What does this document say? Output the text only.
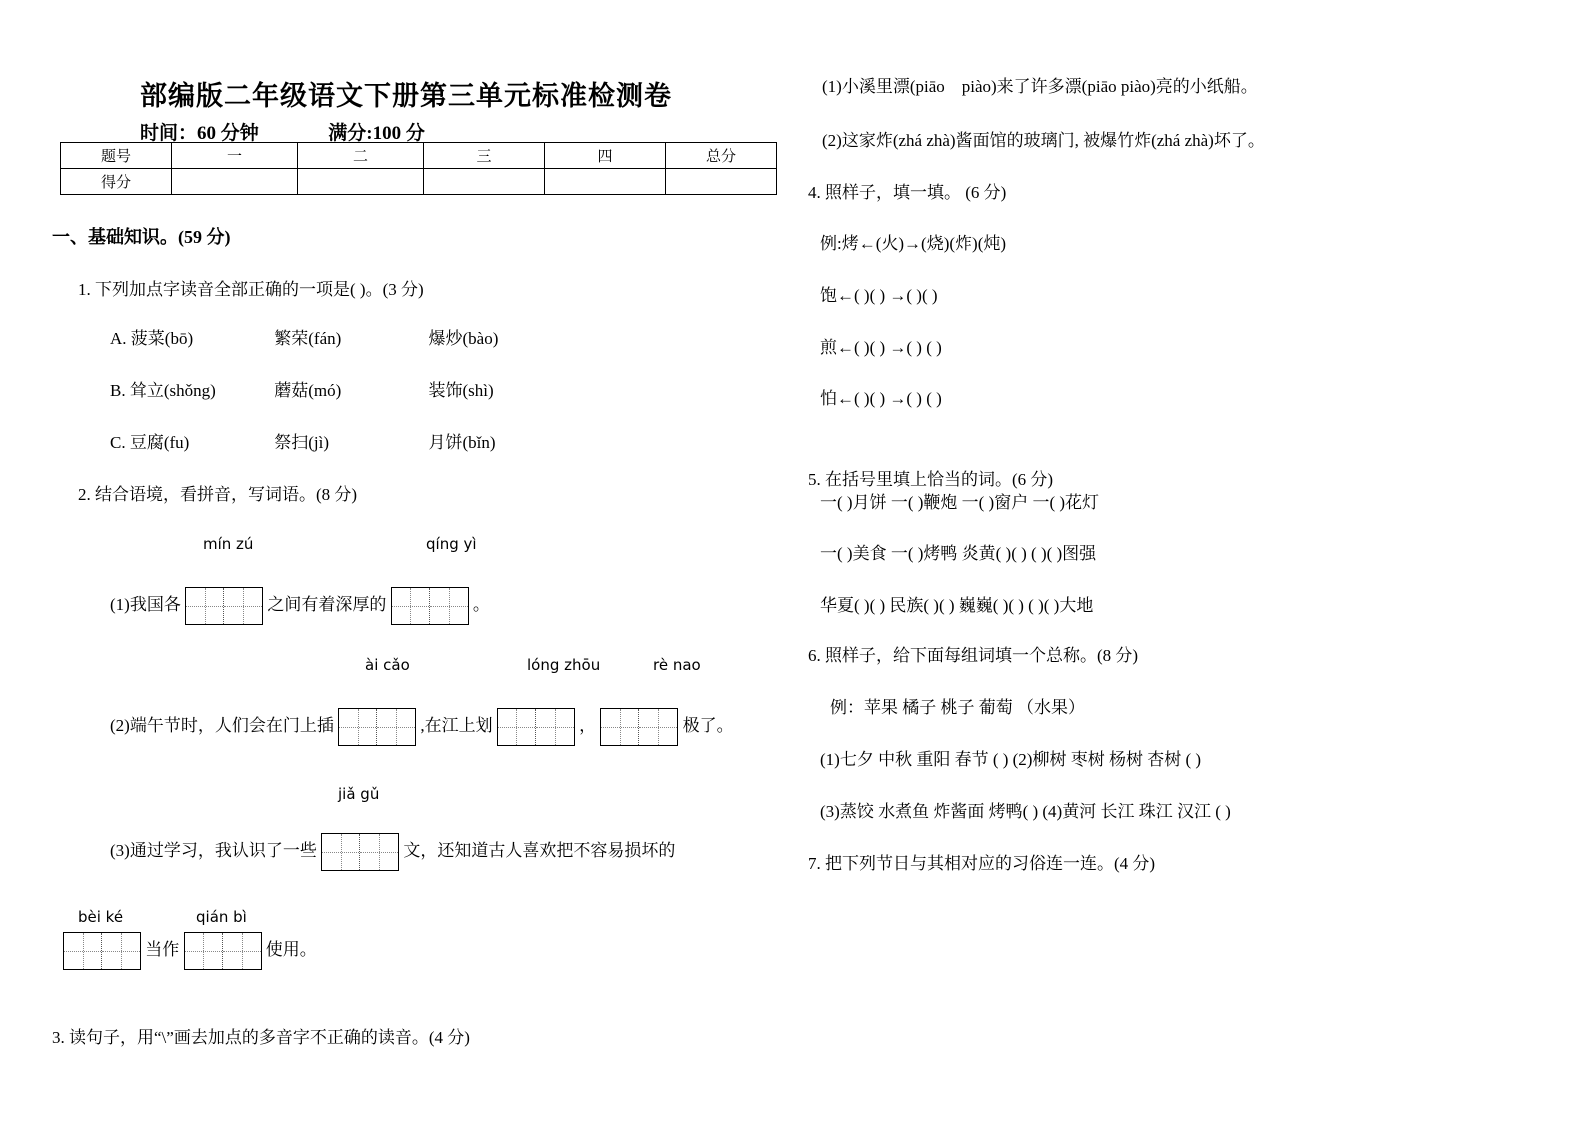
部编版二年级语文下册第三单元标准检测卷
时间：60 分钟	满分:100 分
题号	一	二	三	四	总分
得分					
一、基础知识。(59 分)
1. 下列加点字读音全部正确的一项是( )。(3 分)
A. 菠菜(bō)	繁荣(fán)	爆炒(bào)
B. 耸立(shǒng)	蘑菇(mó)	装饰(shì)
C. 豆腐(fu)	祭扫(jì)	月饼(bǐn)
2. 结合语境，看拼音，写词语。(8 分)
mín zú	qíng yì
(1)我国各	之间有着深厚的	。
ài cǎo	lóng zhōu	rè nao
(2)端午节时，人们会在门上插	,在江上划	，	极了。
jiǎ gǔ
(3)通过学习，我认识了一些	文，还知道古人喜欢把不容易损坏的
bèi ké	qián bì
当作	使用。
3. 读句子，用“\”画去加点的多音字不正确的读音。(4 分)
(1)小溪里漂(piāo　piào)来了许多漂(piāo piào)亮的小纸船。
(2)这家炸(zhá zhà)酱面馆的玻璃门, 被爆竹炸(zhá zhà)坏了。
4. 照样子，填一填。 (6 分)
例:烤←(火)→(烧)(炸)(炖)
饱←( )( ) →( )( )
煎←( )( ) →( ) ( )
怕←( )( ) →( ) ( )
5. 在括号里填上恰当的词。(6 分)
一( )月饼 一( )鞭炮 一( )窗户 一( )花灯
一( )美食 一( )烤鸭 炎黄( )( ) ( )( )图强
华夏( )( ) 民族( )( ) 巍巍( )( ) ( )( )大地
6. 照样子，给下面每组词填一个总称。(8 分)
例：苹果 橘子 桃子 葡萄 （水果）
(1)七夕 中秋 重阳 春节 ( ) (2)柳树 枣树 杨树 杏树 ( )
(3)蒸饺 水煮鱼 炸酱面 烤鸭( ) (4)黄河 长江 珠江 汉江 ( )
7. 把下列节日与其相对应的习俗连一连。(4 分)
